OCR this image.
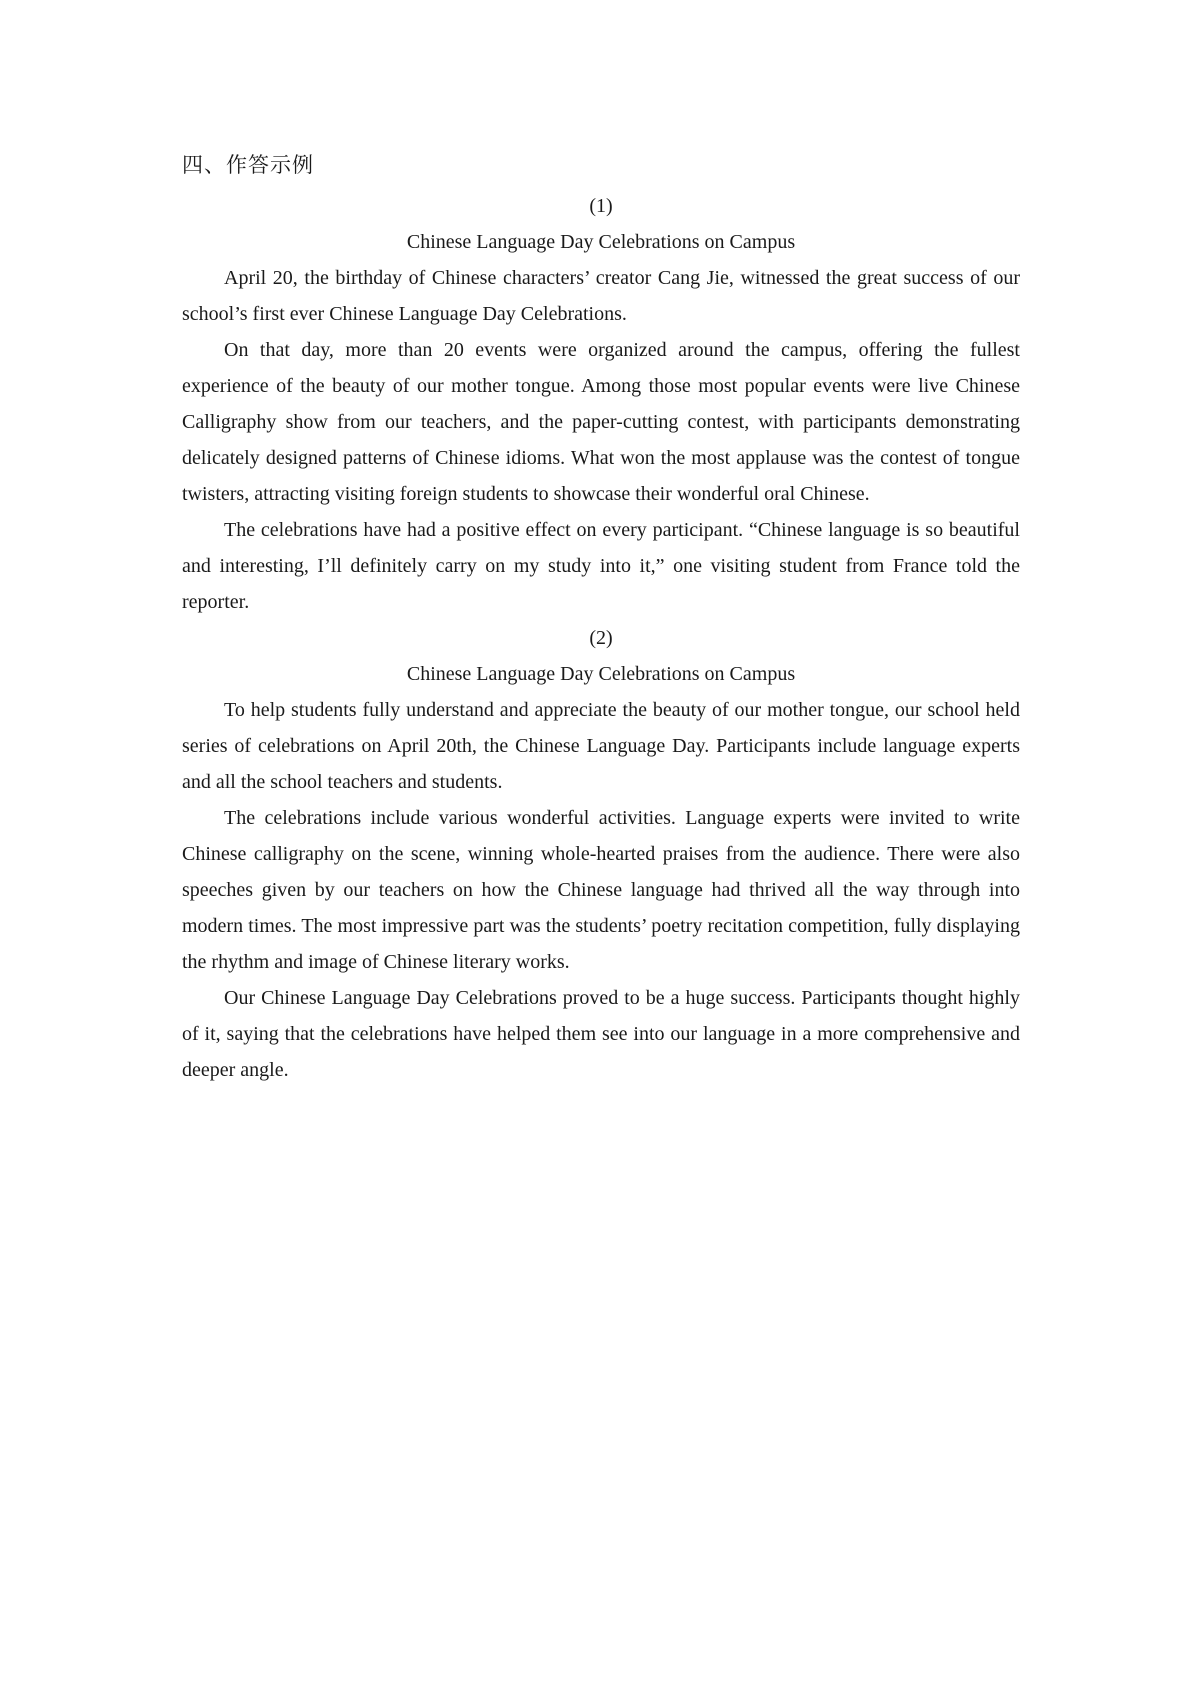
四、作答示例

(1)

Chinese Language Day Celebrations on Campus

April 20, the birthday of Chinese characters’ creator Cang Jie, witnessed the great success of our school’s first ever Chinese Language Day Celebrations.

On that day, more than 20 events were organized around the campus, offering the fullest experience of the beauty of our mother tongue. Among those most popular events were live Chinese Calligraphy show from our teachers, and the paper-cutting contest, with participants demonstrating delicately designed patterns of Chinese idioms. What won the most applause was the contest of tongue twisters, attracting visiting foreign students to showcase their wonderful oral Chinese.

The celebrations have had a positive effect on every participant. “Chinese language is so beautiful and interesting, I’ll definitely carry on my study into it,” one visiting student from France told the reporter.

(2)

Chinese Language Day Celebrations on Campus

To help students fully understand and appreciate the beauty of our mother tongue, our school held series of celebrations on April 20th, the Chinese Language Day. Participants include language experts and all the school teachers and students.

The celebrations include various wonderful activities. Language experts were invited to write Chinese calligraphy on the scene, winning whole-hearted praises from the audience. There were also speeches given by our teachers on how the Chinese language had thrived all the way through into modern times. The most impressive part was the students’ poetry recitation competition, fully displaying the rhythm and image of Chinese literary works.

Our Chinese Language Day Celebrations proved to be a huge success. Participants thought highly of it, saying that the celebrations have helped them see into our language in a more comprehensive and deeper angle.
